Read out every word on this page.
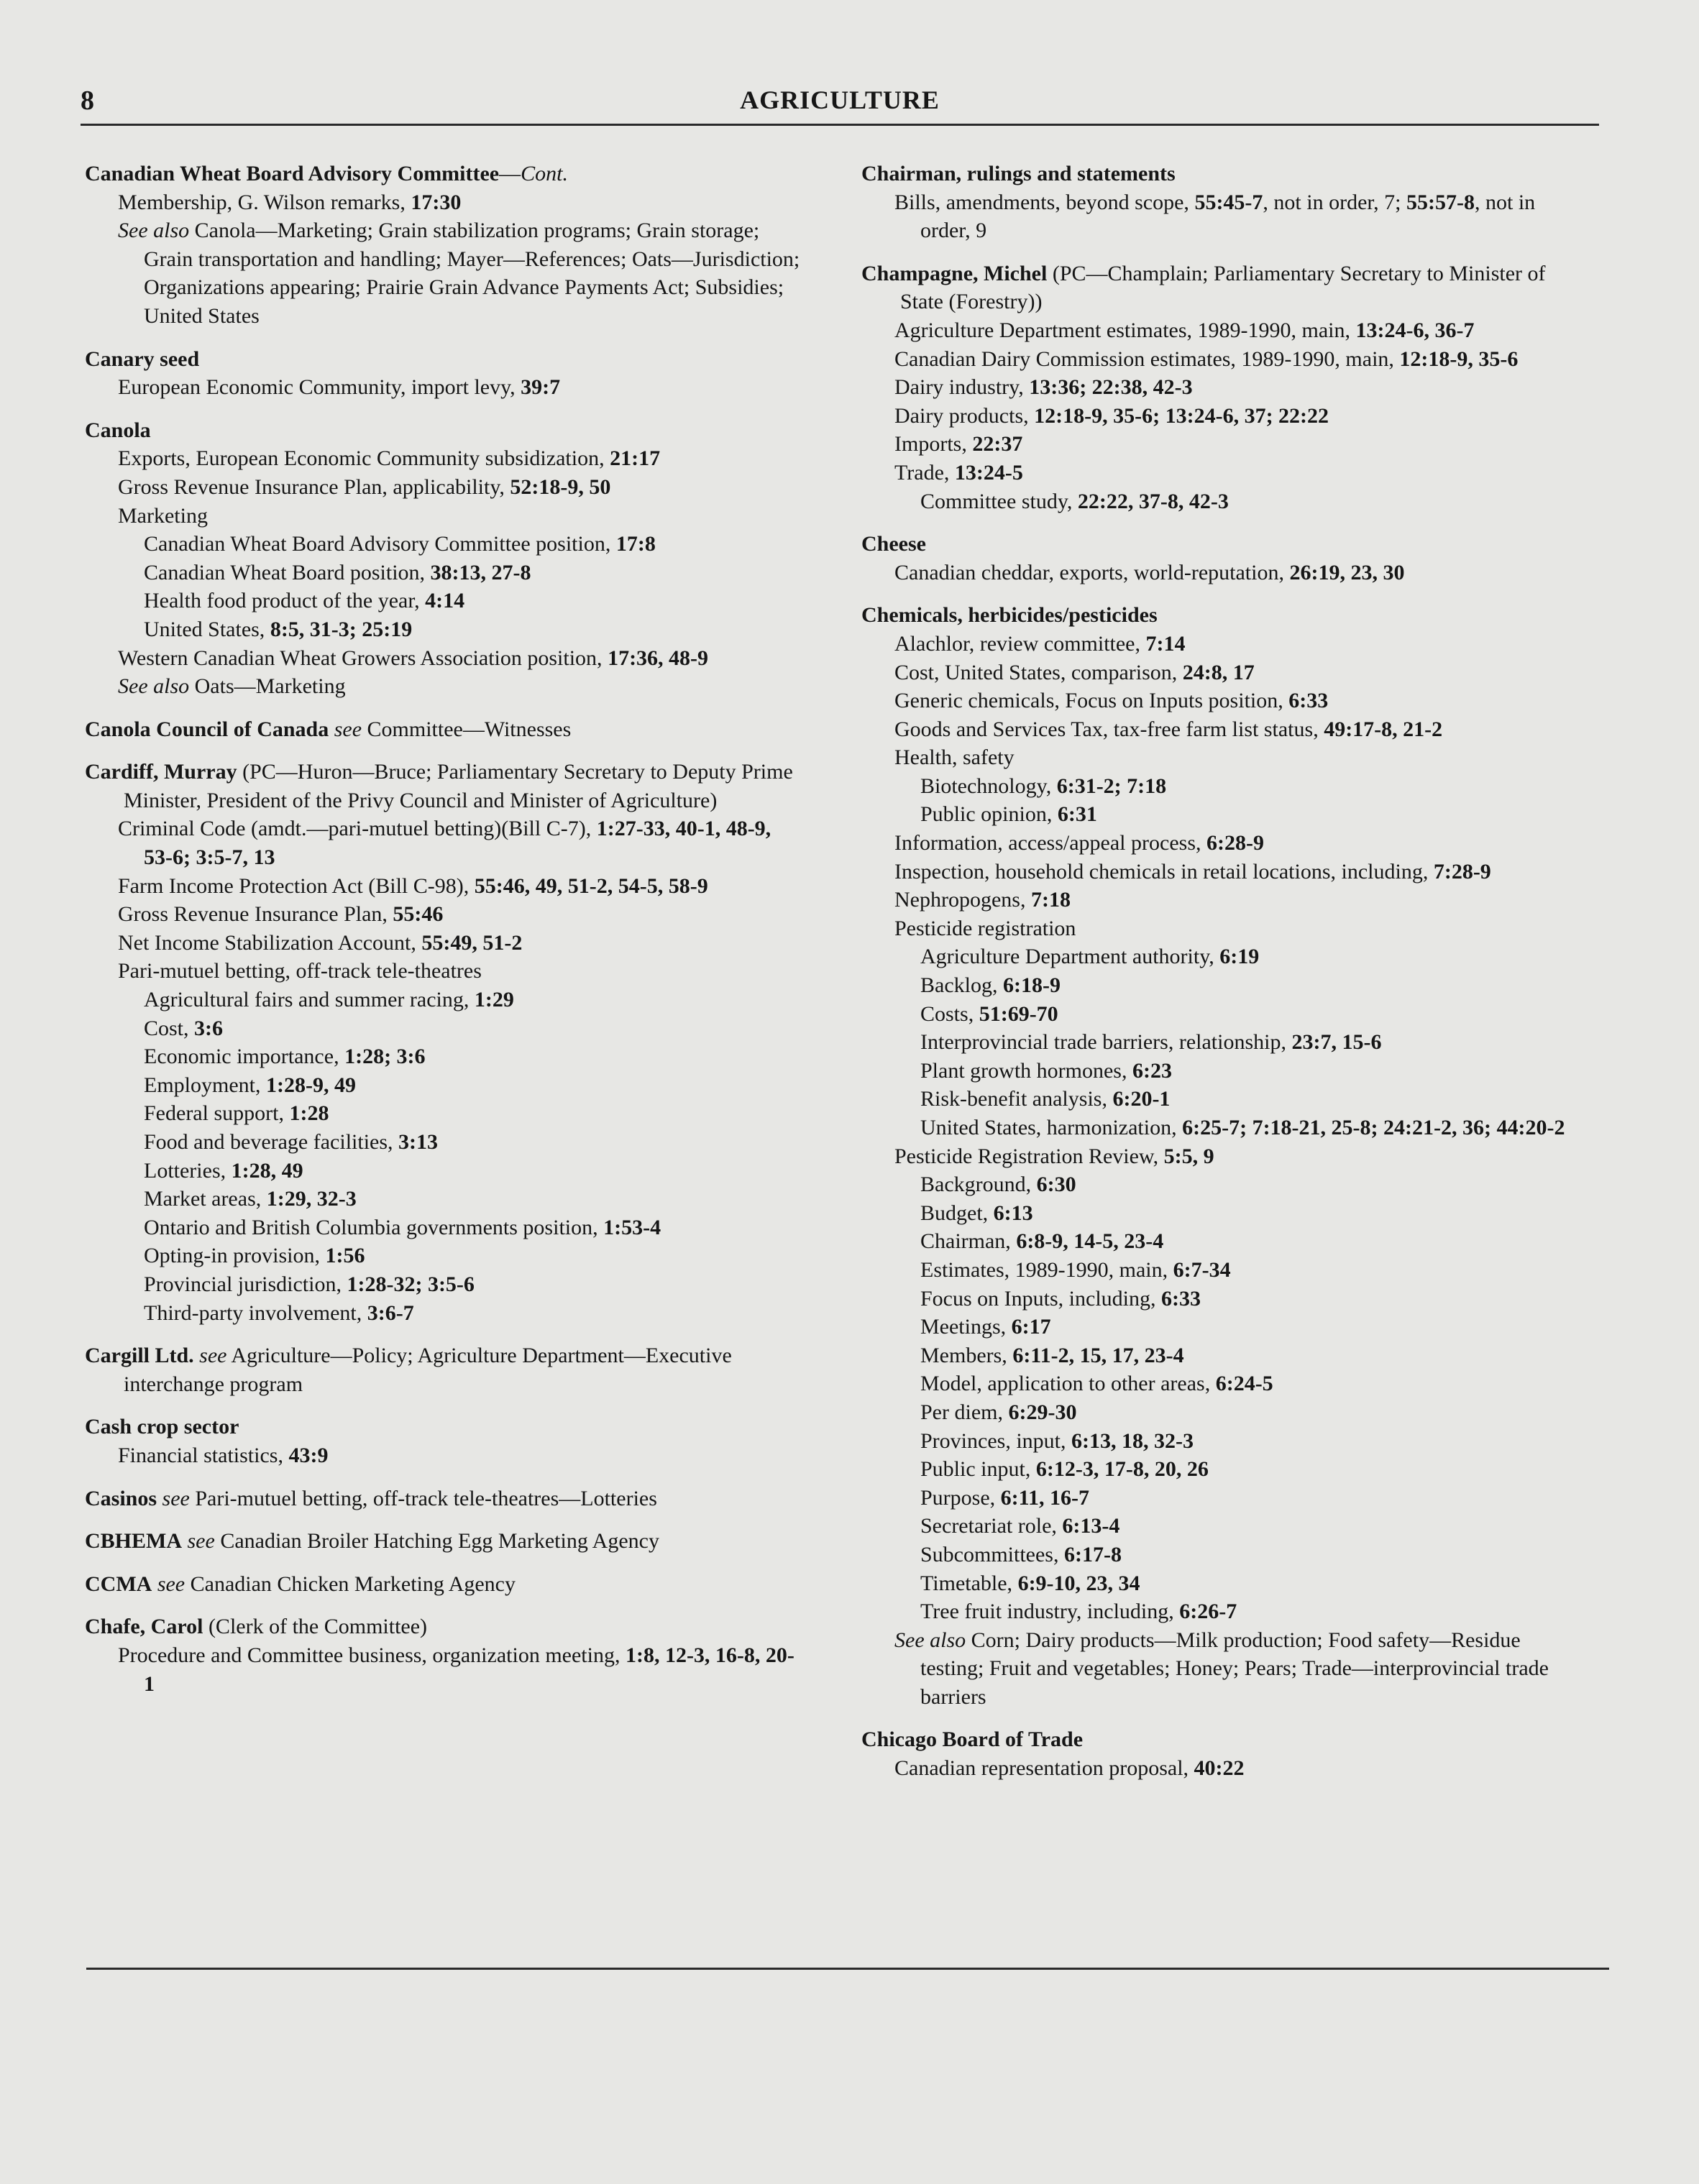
8	AGRICULTURE
Canadian Wheat Board Advisory Committee—Cont.
Membership, G. Wilson remarks, 17:30
See also Canola—Marketing; Grain stabilization programs; Grain storage; Grain transportation and handling; Mayer—References; Oats—Jurisdiction; Organizations appearing; Prairie Grain Advance Payments Act; Subsidies; United States
Canary seed
European Economic Community, import levy, 39:7
Canola
Exports, European Economic Community subsidization, 21:17
Gross Revenue Insurance Plan, applicability, 52:18-9, 50
Marketing
Canadian Wheat Board Advisory Committee position, 17:8
Canadian Wheat Board position, 38:13, 27-8
Health food product of the year, 4:14
United States, 8:5, 31-3; 25:19
Western Canadian Wheat Growers Association position, 17:36, 48-9
See also Oats—Marketing
Canola Council of Canada see Committee—Witnesses
Cardiff, Murray (PC—Huron—Bruce; Parliamentary Secretary to Deputy Prime Minister, President of the Privy Council and Minister of Agriculture)
Criminal Code (amdt.—pari-mutuel betting)(Bill C-7), 1:27-33, 40-1, 48-9, 53-6; 3:5-7, 13
Farm Income Protection Act (Bill C-98), 55:46, 49, 51-2, 54-5, 58-9
Gross Revenue Insurance Plan, 55:46
Net Income Stabilization Account, 55:49, 51-2
Pari-mutuel betting, off-track tele-theatres
Agricultural fairs and summer racing, 1:29
Cost, 3:6
Economic importance, 1:28; 3:6
Employment, 1:28-9, 49
Federal support, 1:28
Food and beverage facilities, 3:13
Lotteries, 1:28, 49
Market areas, 1:29, 32-3
Ontario and British Columbia governments position, 1:53-4
Opting-in provision, 1:56
Provincial jurisdiction, 1:28-32; 3:5-6
Third-party involvement, 3:6-7
Cargill Ltd. see Agriculture—Policy; Agriculture Department—Executive interchange program
Cash crop sector
Financial statistics, 43:9
Casinos see Pari-mutuel betting, off-track tele-theatres—Lotteries
CBHEMA see Canadian Broiler Hatching Egg Marketing Agency
CCMA see Canadian Chicken Marketing Agency
Chafe, Carol (Clerk of the Committee)
Procedure and Committee business, organization meeting, 1:8, 12-3, 16-8, 20-1
Chairman, rulings and statements
Bills, amendments, beyond scope, 55:45-7, not in order, 7; 55:57-8, not in order, 9
Champagne, Michel (PC—Champlain; Parliamentary Secretary to Minister of State (Forestry))
Agriculture Department estimates, 1989-1990, main, 13:24-6, 36-7
Canadian Dairy Commission estimates, 1989-1990, main, 12:18-9, 35-6
Dairy industry, 13:36; 22:38, 42-3
Dairy products, 12:18-9, 35-6; 13:24-6, 37; 22:22
Imports, 22:37
Trade, 13:24-5
Committee study, 22:22, 37-8, 42-3
Cheese
Canadian cheddar, exports, world-reputation, 26:19, 23, 30
Chemicals, herbicides/pesticides
Alachlor, review committee, 7:14
Cost, United States, comparison, 24:8, 17
Generic chemicals, Focus on Inputs position, 6:33
Goods and Services Tax, tax-free farm list status, 49:17-8, 21-2
Health, safety
Biotechnology, 6:31-2; 7:18
Public opinion, 6:31
Information, access/appeal process, 6:28-9
Inspection, household chemicals in retail locations, including, 7:28-9
Nephropogens, 7:18
Pesticide registration
Agriculture Department authority, 6:19
Backlog, 6:18-9
Costs, 51:69-70
Interprovincial trade barriers, relationship, 23:7, 15-6
Plant growth hormones, 6:23
Risk-benefit analysis, 6:20-1
United States, harmonization, 6:25-7; 7:18-21, 25-8; 24:21-2, 36; 44:20-2
Pesticide Registration Review, 5:5, 9
Background, 6:30
Budget, 6:13
Chairman, 6:8-9, 14-5, 23-4
Estimates, 1989-1990, main, 6:7-34
Focus on Inputs, including, 6:33
Meetings, 6:17
Members, 6:11-2, 15, 17, 23-4
Model, application to other areas, 6:24-5
Per diem, 6:29-30
Provinces, input, 6:13, 18, 32-3
Public input, 6:12-3, 17-8, 20, 26
Purpose, 6:11, 16-7
Secretariat role, 6:13-4
Subcommittees, 6:17-8
Timetable, 6:9-10, 23, 34
Tree fruit industry, including, 6:26-7
See also Corn; Dairy products—Milk production; Food safety—Residue testing; Fruit and vegetables; Honey; Pears; Trade—interprovincial trade barriers
Chicago Board of Trade
Canadian representation proposal, 40:22
